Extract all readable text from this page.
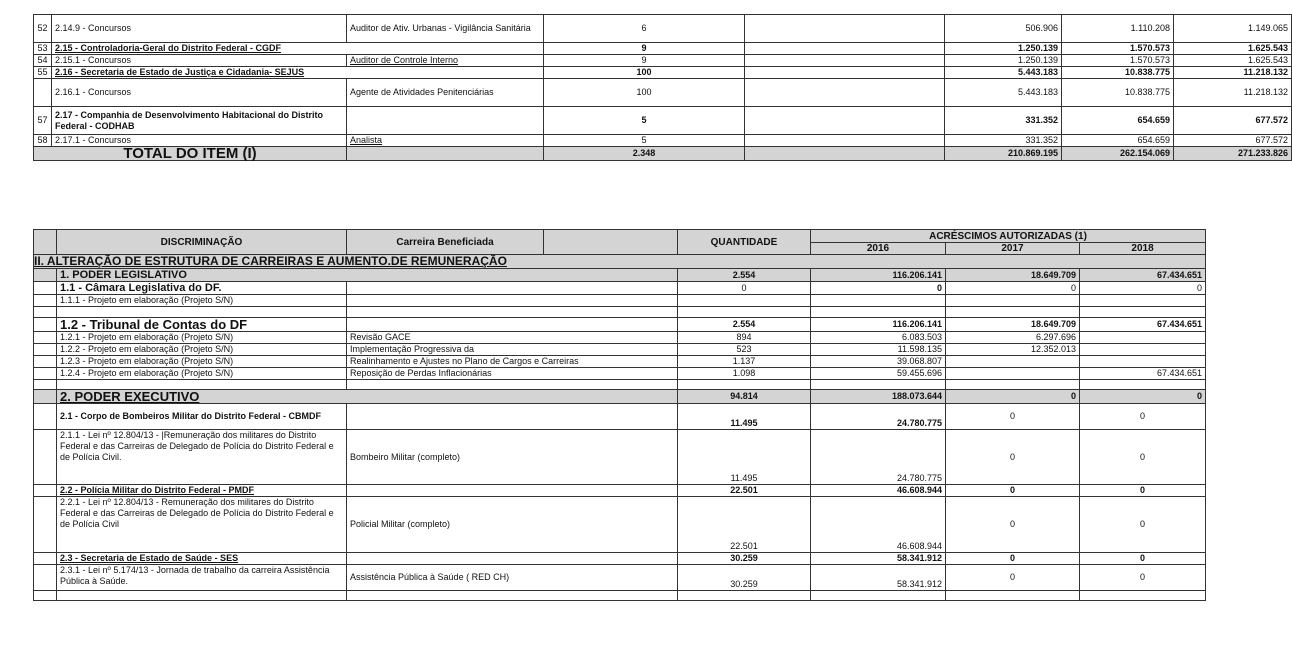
52	2.14.9 - Concursos	Auditor de Ativ. Urbanas - Vigilância Sanitária	6		506.906	1.110.208	1.149.065
53	2.15 - Controladoria-Geral do Distrito Federal - CGDF	9		1.250.139	1.570.573	1.625.543
54	2.15.1 - Concursos	Auditor de Controle Interno	9		1.250.139	1.570.573	1.625.543
55	2.16 - Secretaria de Estado de Justiça e Cidadania- SEJUS	100		5.443.183	10.838.775	11.218.132
	2.16.1 - Concursos	Agente de Atividades Penitenciárias	100		5.443.183	10.838.775	11.218.132
57	2.17 - Companhia de Desenvolvimento Habitacional do Distrito Federal - CODHAB		5		331.352	654.659	677.572
58	2.17.1 - Concursos	Analista	5		331.352	654.659	677.572
TOTAL DO ITEM (I)		2.348		210.869.195	262.154.069	271.233.826
	DISCRIMINAÇÃO	Carreira Beneficiada		QUANTIDADE	ACRÉSCIMOS AUTORIZADAS (1)
2016	2017	2018
II. ALTERAÇÃO DE ESTRUTURA DE CARREIRAS E AUMENTO.DE REMUNERAÇÃO
	1. PODER LEGISLATIVO	2.554	116.206.141	18.649.709	67.434.651
	1.1 - Câmara Legislativa do DF.		0	0	0	0
	1.1.1 - Projeto em elaboração (Projeto S/N)					

	1.2 - Tribunal de Contas do DF		2.554	116.206.141	18.649.709	67.434.651
	1.2.1 - Projeto em elaboração (Projeto S/N)	Revisão GACE	894	6.083.503	6.297.696	
	1.2.2 - Projeto em elaboração (Projeto S/N)	Implementação Progressiva da	523	11.598.135	12.352.013	
	1.2.3 - Projeto em elaboração (Projeto S/N)	Realinhamento e Ajustes no Plano de Cargos e Carreiras	1.137	39.068.807		
	1.2.4 - Projeto em elaboração (Projeto S/N)	Reposição de Perdas Inflacionárias	1.098	59.455.696		67.434.651

	2. PODER EXECUTIVO	94.814	188.073.644	0	0
	2.1 - Corpo de Bombeiros Militar do Distrito Federal - CBMDF		11.495	24.780.775	0	0
	2.1.1 - Lei nº 12.804/13 - |Remuneração dos militares do Distrito Federal e das Carreiras de Delegado de Polícia do Distrito Federal e de Polícia Civil.	Bombeiro Militar (completo)	11.495	24.780.775	0	0
	2.2 - Polícia Militar do Distrito Federal - PMDF		22.501	46.608.944	0	0
	2.2.1 - Lei nº 12.804/13 - Remuneração dos militares do Distrito Federal e das Carreiras de Delegado de Polícia do Distrito Federal e de Polícia Civil	Policial Militar (completo)	22.501	46.608.944	0	0
	2.3 - Secretaria de Estado de Saúde - SES		30.259	58.341.912	0	0
	2.3.1 - Lei nº 5.174/13 - Jornada de trabalho da carreira Assistência Pública à Saúde.	Assistência Pública à Saúde ( RED CH)	30.259	58.341.912	0	0
